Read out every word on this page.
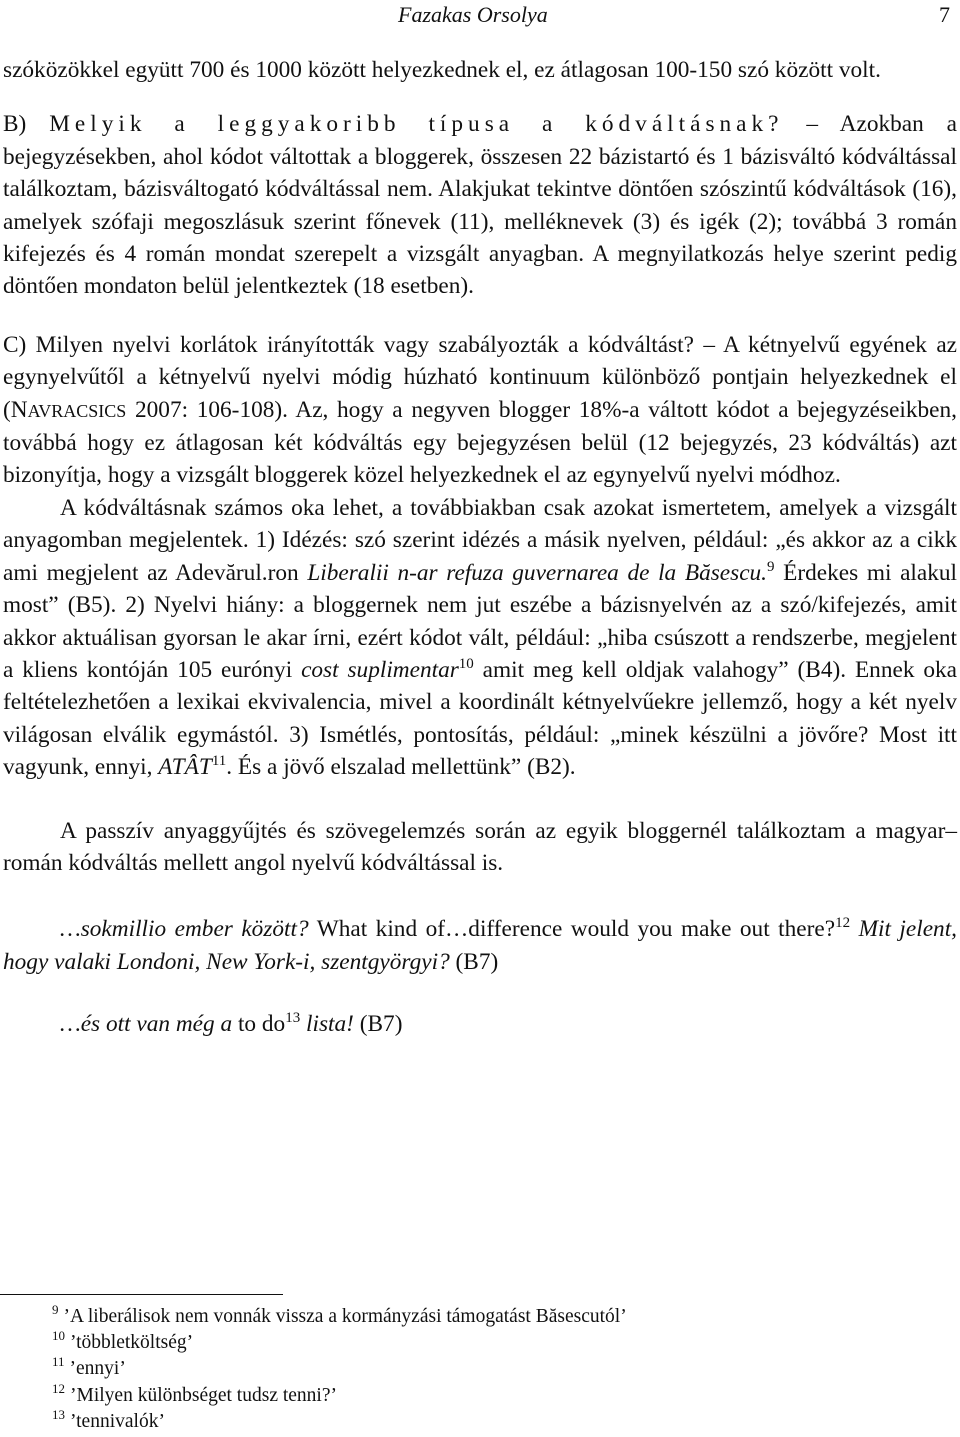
Fazakas Orsolya	7

szóközökkel együtt 700 és 1000 között helyezkednek el, ez átlagosan 100-150 szó között volt.

B) Melyik a leggyakoribb típusa a kódváltásnak? – Azokban a bejegyzésekben, ahol kódot váltottak a bloggerek, összesen 22 bázistartó és 1 bázisváltó kódváltással találkoztam, bázisváltogató kódváltással nem. Alakjukat tekintve döntően szószintű kódváltások (16), amelyek szófaji megoszlásuk szerint főnevek (11), melléknevek (3) és igék (2); továbbá 3 román kifejezés és 4 román mondat szerepelt a vizsgált anyagban. A megnyilatkozás helye szerint pedig döntően mondaton belül jelentkeztek (18 esetben).

C) Milyen nyelvi korlátok irányították vagy szabályozták a kódváltást? – A kétnyelvű egyének az egynyelvűtől a kétnyelvű nyelvi módig húzható kontinuum különböző pontjain helyezkednek el (NAVRACSICS 2007: 106-108). Az, hogy a negyven blogger 18%-a váltott kódot a bejegyzéseikben, továbbá hogy ez átlagosan két kódváltás egy bejegyzésen belül (12 bejegyzés, 23 kódváltás) azt bizonyítja, hogy a vizsgált bloggerek közel helyezkednek el az egynyelvű nyelvi módhoz.

A kódváltásnak számos oka lehet, a továbbiakban csak azokat ismertetem, amelyek a vizsgált anyagomban megjelentek. 1) Idézés: szó szerint idézés a másik nyelven, például: „és akkor az a cikk ami megjelent az Adevărul.ron Liberalii n-ar refuza guvernarea de la Băsescu.$^9$ Érdekes mi alakul most” (B5). 2) Nyelvi hiány: a bloggernek nem jut eszébe a bázisnyelvén az a szó/kifejezés, amit akkor aktuálisan gyorsan le akar írni, ezért kódot vált, például: „hiba csúszott a rendszerbe, megjelent a kliens kontóján 105 eurónyi cost suplimentar$^{10}$ amit meg kell oldjak valahogy” (B4). Ennek oka feltételezhetően a lexikai ekvivalencia, mivel a koordinált kétnyelvűekre jellemző, hogy a két nyelv világosan elválik egymástól. 3) Ismétlés, pontosítás, például: „minek készülni a jövőre? Most itt vagyunk, ennyi, ATÂT$^{11}$. És a jövő elszalad mellettünk” (B2).

A passzív anyaggyűjtés és szövegelemzés során az egyik bloggernél találkoztam a magyar–román kódváltás mellett angol nyelvű kódváltással is.

…sokmillio ember között? What kind of…difference would you make out there?$^{12}$ Mit jelent, hogy valaki Londoni, New York-i, szentgyörgyi? (B7)

…és ott van még a to $do^{13}$ lista! (B7)

$^9$ ’A liberálisok nem vonnák vissza a kormányzási támogatást Băsescutól’
$^{10}$ ’többletköltség’
$^{11}$ ’ennyi’
$^{12}$ ’Milyen különbséget tudsz tenni?’
$^{13}$ ’tennivalók’
